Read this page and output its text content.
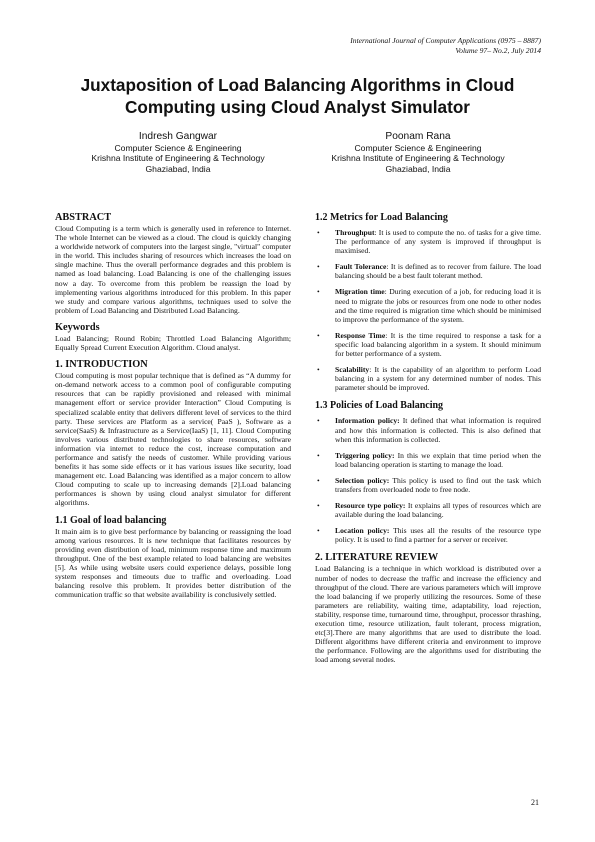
International Journal of Computer Applications (0975 – 8887)
Volume 97– No.2, July 2014
Juxtaposition of Load Balancing Algorithms in Cloud
Computing using Cloud Analyst Simulator
Indresh Gangwar
Computer Science & Engineering
Krishna Institute of Engineering & Technology
Ghaziabad, India
Poonam Rana
Computer Science & Engineering
Krishna Institute of Engineering & Technology
Ghaziabad, India
ABSTRACT

Cloud Computing is a term which is generally used in reference to Internet. The whole Internet can be viewed as a cloud. The cloud is quickly changing a worldwide network of computers into the largest single, "virtual" computer in the world. This includes sharing of resources which increases the load on single machine. Thus the overall performance degrades and this problem is named as load balancing. Load Balancing is one of the challenging issues now a day. To overcome from this problem be reassign the load by implementing various algorithms introduced for this problem. In this paper we study and compare various algorithms, techniques used to solve the problem of Load Balancing and Distributed Load Balancing.

Keywords

Load Balancing; Round Robin; Throttled Load Balancing Algorithm; Equally Spread Current Execution Algorithm. Cloud analyst.

1. INTRODUCTION

Cloud computing is most popular technique that is defined as “A dummy for on-demand network access to a common pool of configurable computing resources that can be rapidly provisioned and released with minimal management effort or service provider Interaction” Cloud Computing is specialized scalable entity that delivers different level of services to the third party. These services are Platform as a service( PaaS ), Software as a service(SaaS) & Infrastructure as a Service(IaaS) [1, 11]. Cloud Computing involves various distributed technologies to share resources, software information via internet to reduce the cost, increase computation and performance and satisfy the needs of customer. While providing various benefits it has some side effects or it has various issues like security, load management etc. Load Balancing was identified as a major concern to allow Cloud computing to scale up to increasing demands [2].Load balancing performances is shown by using cloud analyst simulator for different algorithms.

1.1 Goal of load balancing

It main aim is to give best performance by balancing or reassigning the load among various resources. It is new technique that facilitates resources by providing even distribution of load, minimum response time and maximum throughput. One of the best example related to load balancing are websites [5]. As while using website users could experience delays, possible long system responses and timeouts due to traffic and overloading. Load balancing resolve this problem. It provides better distribution of the communication traffic so that website availability is conclusively settled.

1.2 Metrics for Load Balancing
• Throughput: It is used to compute the no. of tasks for a give time. The performance of any system is improved if throughput is maximised.

• Fault Tolerance: It is defined as to recover from failure. The load balancing should be a best fault tolerant method.

• Migration time: During execution of a job, for reducing load it is need to migrate the jobs or resources from one node to other nodes and the time required is migration time which should be minimised to improve the performance of the system.

• Response Time: It is the time required to response a task for a specific load balancing algorithm in a system. It should minimum for better performance of a system.

• Scalability: It is the capability of an algorithm to perform Load balancing in a system for any determined number of nodes. This parameter should be improved.

1.3 Policies of Load Balancing
• Information policy: It defined that what information is required and how this information is collected. This is also defined that when this information is collected.

• Triggering policy: In this we explain that time period when the load balancing operation is starting to manage the load.

• Selection policy: This policy is used to find out the task which transfers from overloaded node to free node.

• Resource type policy: It explains all types of resources which are available during the load balancing.

• Location policy: This uses all the results of the resource type policy. It is used to find a partner for a server or receiver.

2. LITERATURE REVIEW

Load Balancing is a technique in which workload is distributed over a number of nodes to decrease the traffic and increase the efficiency and throughput of the cloud. There are various parameters which will improve the load balancing if we properly utilizing the resources. Some of these parameters are reliability, waiting time, adaptability, load rejection, stability, response time, turnaround time, throughput, processor thrashing, execution time, resource utilization, fault tolerant, process migration, etc[3].There are many algorithms that are used to distribute the load. Different algorithms have different criteria and environment to improve the performance. Following are the algorithms used for distributing the load among several nodes.

21
